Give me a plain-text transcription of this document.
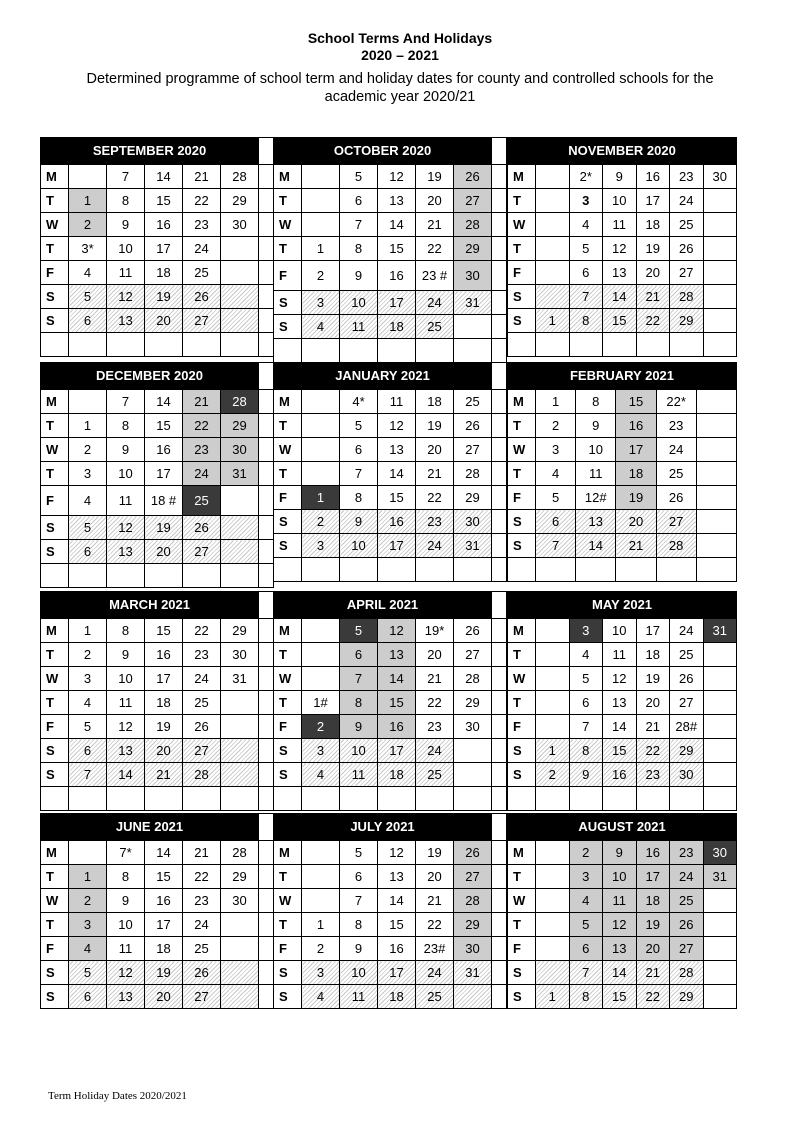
School Terms And Holidays
2020 – 2021
Determined programme of school term and holiday dates for county and controlled schools for the academic year 2020/21
SEPTEMBER 2020						
M		7	14	21	28	
T	1	8	15	22	29	
W	2	9	16	23	30	
T	3*	10	17	24		
F	4	11	18	25		
S	5	12	19	26		
S	6	13	20	27		

OCTOBER 2020						
M		5	12	19	26	
T		6	13	20	27	
W		7	14	21	28	
T	1	8	15	22	29	
F	2	9	16	23 #	30	
S	3	10	17	24	31	
S	4	11	18	25		

NOVEMBER 2020						
M		2*	9	16	23	30
T		3	10	17	24	
W		4	11	18	25	
T		5	12	19	26	
F		6	13	20	27	
S		7	14	21	28	
S	1	8	15	22	29	

DECEMBER 2020						
M		7	14	21	28	
T	1	8	15	22	29	
W	2	9	16	23	30	
T	3	10	17	24	31	
F	4	11	18 #	25		
S	5	12	19	26		
S	6	13	20	27		

JANUARY 2021						
M		4*	11	18	25	
T		5	12	19	26	
W		6	13	20	27	
T		7	14	21	28	
F	1	8	15	22	29	
S	2	9	16	23	30	
S	3	10	17	24	31	

FEBRUARY 2021					
M	1	8	15	22*	
T	2	9	16	23	
W	3	10	17	24	
T	4	11	18	25	
F	5	12#	19	26	
S	6	13	20	27	
S	7	14	21	28	

MARCH 2021						
M	1	8	15	22	29	
T	2	9	16	23	30	
W	3	10	17	24	31	
T	4	11	18	25		
F	5	12	19	26		
S	6	13	20	27		
S	7	14	21	28		

APRIL 2021						
M		5	12	19*	26	
T		6	13	20	27	
W		7	14	21	28	
T	1#	8	15	22	29	
F	2	9	16	23	30	
S	3	10	17	24		
S	4	11	18	25		

MAY 2021						
M		3	10	17	24	31
T		4	11	18	25	
W		5	12	19	26	
T		6	13	20	27	
F		7	14	21	28#	
S	1	8	15	22	29	
S	2	9	16	23	30	

JUNE 2021						
M		7*	14	21	28	
T	1	8	15	22	29	
W	2	9	16	23	30	
T	3	10	17	24		
F	4	11	18	25		
S	5	12	19	26		
S	6	13	20	27		
JULY 2021						
M		5	12	19	26	
T		6	13	20	27	
W		7	14	21	28	
T	1	8	15	22	29	
F	2	9	16	23#	30	
S	3	10	17	24	31	
S	4	11	18	25		
AUGUST 2021						
M		2	9	16	23	30
T		3	10	17	24	31
W		4	11	18	25	
T		5	12	19	26	
F		6	13	20	27	
S		7	14	21	28	
S	1	8	15	22	29	
Term Holiday Dates 2020/2021
